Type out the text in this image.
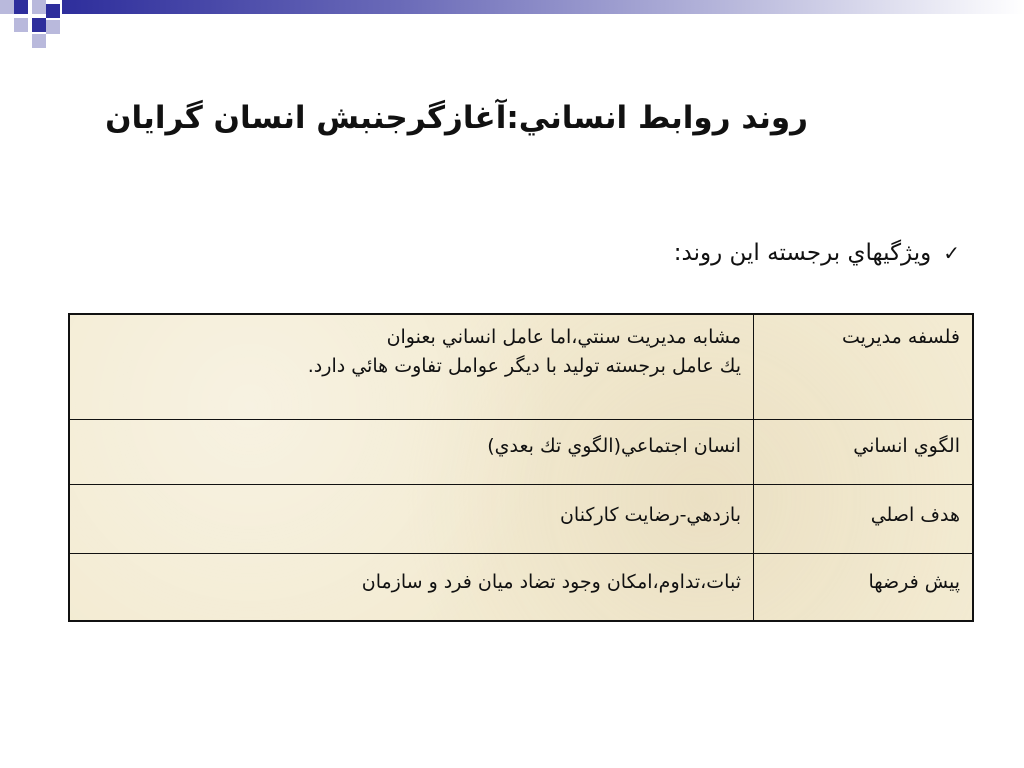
روند روابط انساني:آغازگرجنبش انسان گرايان
✓ويژگيهاي برجسته اين روند:
فلسفه مديريت	مشابه مديريت سنتي،اما عامل انساني بعنوان
يك عامل برجسته توليد با ديگر عوامل تفاوت هائي دارد.

الگوي انساني	انسان اجتماعي(الگوي تك بعدي)

هدف اصلي	بازدهي-رضايت كاركنان

پيش فرضها	ثبات،تداوم،امكان وجود تضاد ميان فرد و سازمان
